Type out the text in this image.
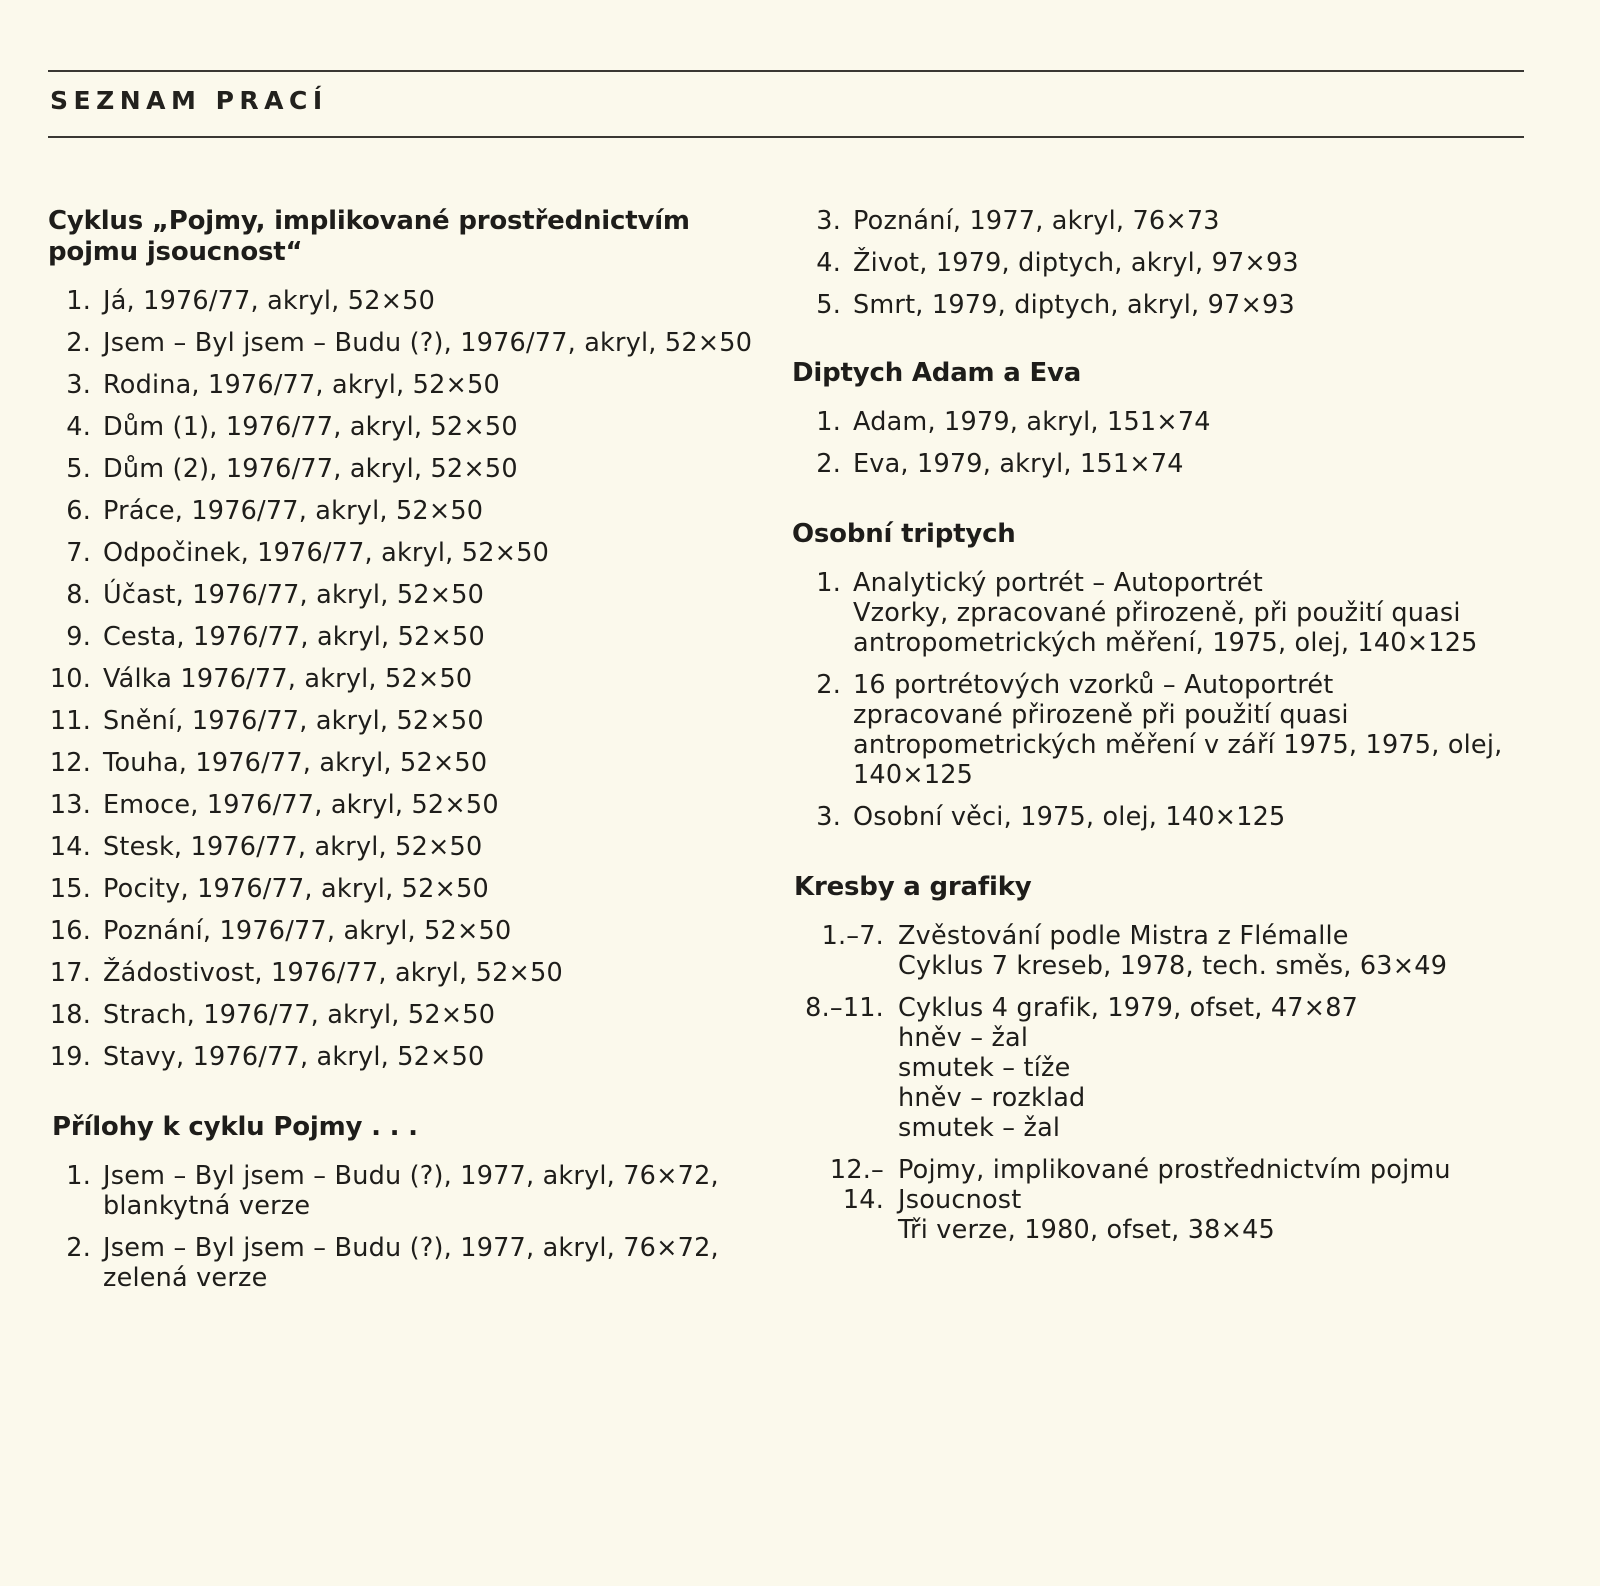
SEZNAM PRACÍ
Cyklus „Pojmy, implikované prostřednictvím pojmu jsoucnost“
1. Já, 1976/77, akryl, 52×50
2. Jsem – Byl jsem – Budu (?), 1976/77, akryl, 52×50
3. Rodina, 1976/77, akryl, 52×50
4. Dům (1), 1976/77, akryl, 52×50
5. Dům (2), 1976/77, akryl, 52×50
6. Práce, 1976/77, akryl, 52×50
7. Odpočinek, 1976/77, akryl, 52×50
8. Účast, 1976/77, akryl, 52×50
9. Cesta, 1976/77, akryl, 52×50
10. Válka 1976/77, akryl, 52×50
11. Snění, 1976/77, akryl, 52×50
12. Touha, 1976/77, akryl, 52×50
13. Emoce, 1976/77, akryl, 52×50
14. Stesk, 1976/77, akryl, 52×50
15. Pocity, 1976/77, akryl, 52×50
16. Poznání, 1976/77, akryl, 52×50
17. Žádostivost, 1976/77, akryl, 52×50
18. Strach, 1976/77, akryl, 52×50
19. Stavy, 1976/77, akryl, 52×50
Přílohy k cyklu Pojmy . . .
1. Jsem – Byl jsem – Budu (?), 1977, akryl, 76×72,
blankytná verze
2. Jsem – Byl jsem – Budu (?), 1977, akryl, 76×72,
zelená verze
3. Poznání, 1977, akryl, 76×73
4. Život, 1979, diptych, akryl, 97×93
5. Smrt, 1979, diptych, akryl, 97×93
Diptych Adam a Eva
1. Adam, 1979, akryl, 151×74
2. Eva, 1979, akryl, 151×74
Osobní triptych
1. Analytický portrét – Autoportrét
Vzorky, zpracované přirozeně, při použití quasi
antropometrických měření, 1975, olej, 140×125
2. 16 portrétových vzorků – Autoportrét
zpracované přirozeně při použití quasi
antropometrických měření v září 1975, 1975, olej,
140×125
3. Osobní věci, 1975, olej, 140×125
Kresby a grafiky
1.–7. Zvěstování podle Mistra z Flémalle
Cyklus 7 kreseb, 1978, tech. směs, 63×49
8.–11. Cyklus 4 grafik, 1979, ofset, 47×87
hněv – žal
smutek – tíže
hněv – rozklad
smutek – žal
12.–14.
Pojmy, implikované prostřednictvím pojmu
Jsoucnost
Tři verze, 1980, ofset, 38×45
